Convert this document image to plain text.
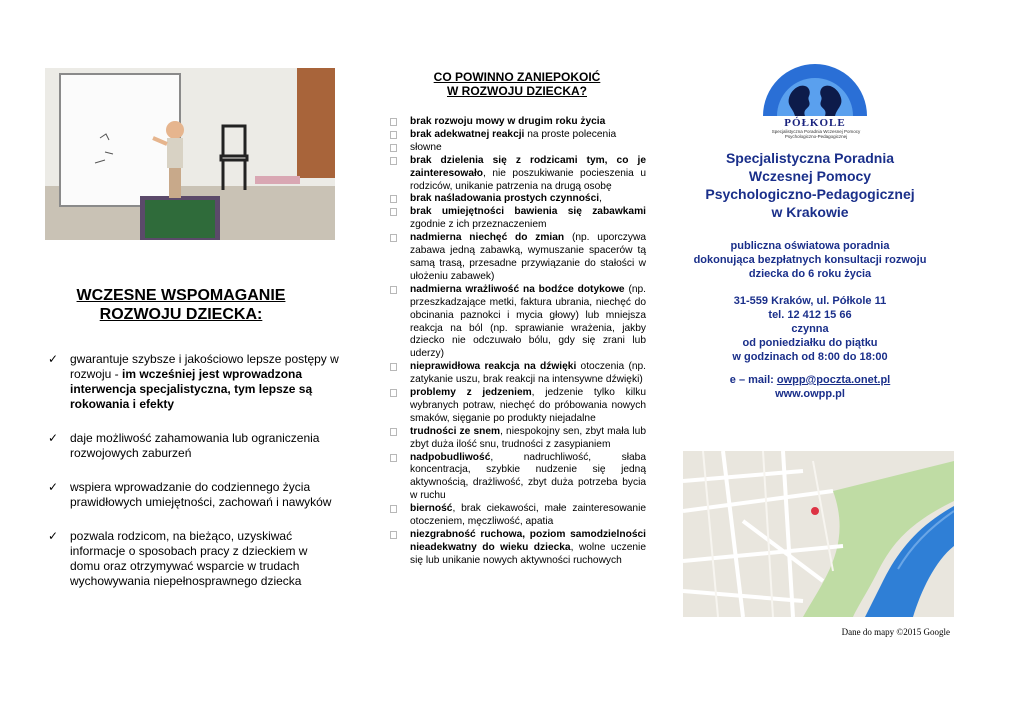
WCZESNE WSPOMAGANIE
ROZWOJU DZIECKA:
✓ gwarantuje szybsze i jakościowo lepsze postępy w rozwoju - im wcześniej jest wprowadzona interwencja specjalistyczna, tym lepsze są rokowania i efekty
✓ daje możliwość zahamowania lub ograniczenia rozwojowych zaburzeń
✓ wspiera wprowadzanie do codziennego życia prawidłowych umiejętności, zachowań i nawyków
✓ pozwala rodzicom, na bieżąco, uzyskiwać informacje o sposobach pracy z dzieckiem w domu oraz otrzymywać wsparcie w trudach wychowywania niepełnosprawnego dziecka
CO POWINNO ZANIEPOKOIĆ
W ROZWOJU DZIECKA?
brak rozwoju mowy w drugim roku życia
brak adekwatnej reakcji na proste polecenia
słowne
brak dzielenia się z rodzicami tym, co je zainteresowało, nie poszukiwanie pocieszenia u rodziców, unikanie patrzenia na drugą osobę
brak naśladowania prostych czynności,
brak umiejętności bawienia się zabawkami zgodnie z ich przeznaczeniem
nadmierna niechęć do zmian (np. uporczywa zabawa jedną zabawką, wymuszanie spacerów tą samą trasą, przesadne przywiązanie do stałości w ułożeniu zabawek)
nadmierna wrażliwość na bodźce dotykowe (np. przeszkadzające metki, faktura ubrania, niechęć do obcinania paznokci i mycia głowy) lub mniejsza reakcja na ból (np. sprawianie wrażenia, jakby dziecko nie odczuwało bólu, gdy się zrani lub uderzy)
nieprawidłowa reakcja na dźwięki otoczenia (np. zatykanie uszu, brak reakcji na intensywne dźwięki)
problemy z jedzeniem, jedzenie tylko kilku wybranych potraw, niechęć do próbowania nowych smaków, sięganie po produkty niejadalne
trudności ze snem, niespokojny sen, zbyt mała lub zbyt duża ilość snu, trudności z zasypianiem
nadpobudliwość, nadruchliwość, słaba koncentracja, szybkie nudzenie się jedną aktywnością, drażliwość, zbyt duża potrzeba bycia w ruchu
bierność, brak ciekawości, małe zainteresowanie otoczeniem, męczliwość, apatia
niezgrabność ruchowa, poziom samodzielności nieadekwatny do wieku dziecka, wolne uczenie się lub unikanie nowych aktywności ruchowych
PÓŁKOLE
Specjalistyczna Poradnia Wczesnej Pomocy Psychologiczno-Pedagogicznej
Specjalistyczna Poradnia
Wczesnej Pomocy
Psychologiczno-Pedagogicznej
w Krakowie
publiczna oświatowa poradnia
dokonująca bezpłatnych konsultacji rozwoju
dziecka do 6 roku życia
31-559 Kraków, ul. Półkole 11
tel. 12 412 15 66
czynna
od poniedziałku do piątku
w godzinach od 8:00 do 18:00
e – mail: owpp@poczta.onet.pl
www.owpp.pl
Dane do mapy ©2015 Google
